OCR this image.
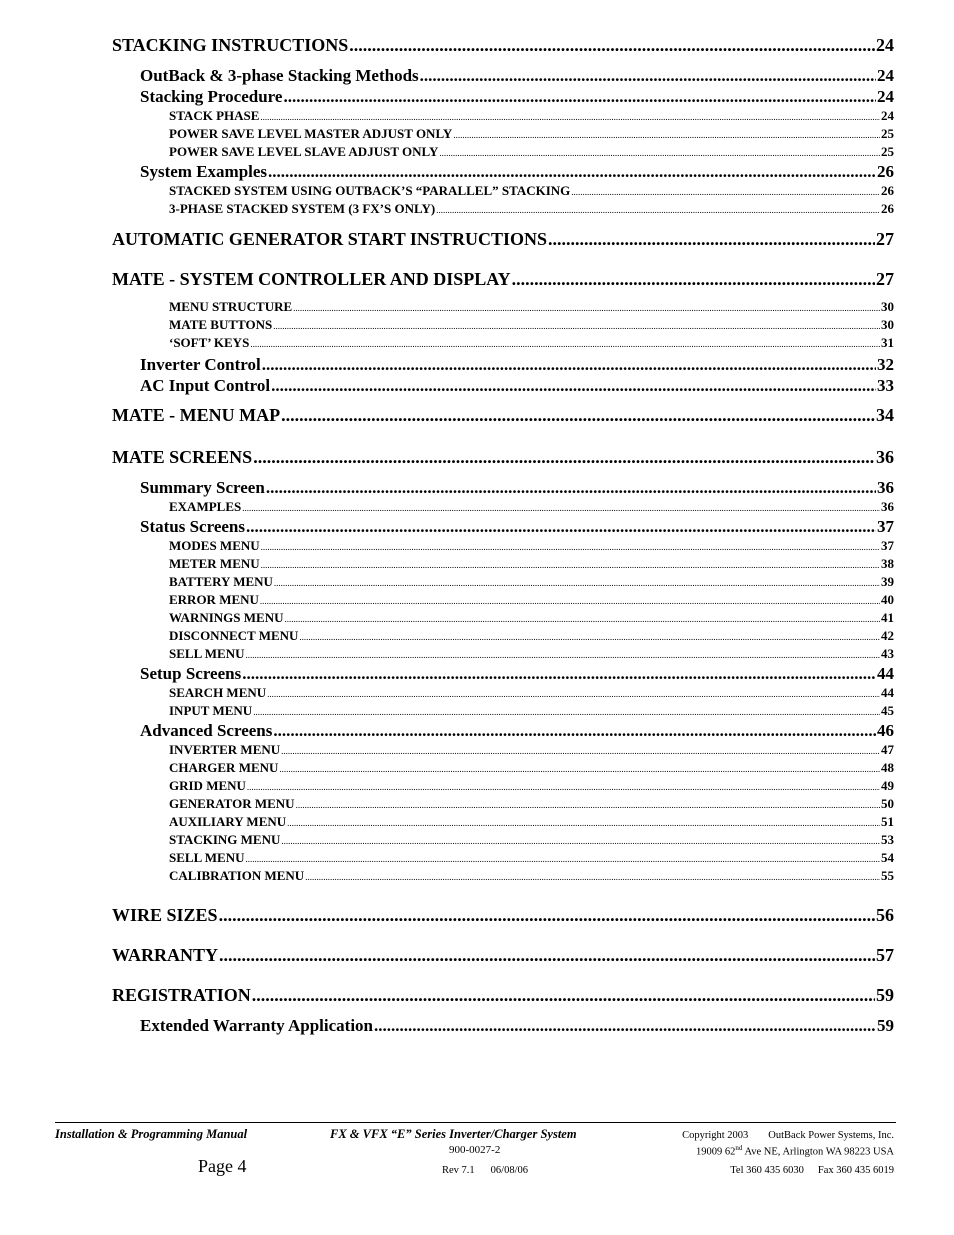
STACKING INSTRUCTIONS .....	24
OutBack & 3-phase Stacking Methods .....	24
Stacking Procedure .....	24
STACK PHASE .....	24
POWER SAVE LEVEL MASTER ADJUST ONLY .....	25
POWER SAVE LEVEL SLAVE ADJUST ONLY .....	25
System Examples .....	26
STACKED SYSTEM USING OUTBACK’S “PARALLEL” STACKING .....	26
3-PHASE STACKED SYSTEM (3 FX’S ONLY) .....	26
AUTOMATIC GENERATOR START INSTRUCTIONS .....	27
MATE - SYSTEM CONTROLLER AND DISPLAY .....	27
MENU STRUCTURE .....	30
MATE BUTTONS .....	30
‘SOFT’ KEYS .....	31
Inverter Control .....	32
AC Input Control .....	33
MATE - MENU MAP .....	34
MATE SCREENS .....	36
Summary Screen .....	36
EXAMPLES .....	36
Status Screens .....	37
MODES MENU .....	37
METER MENU .....	38
BATTERY MENU .....	39
ERROR MENU .....	40
WARNINGS MENU .....	41
DISCONNECT MENU .....	42
SELL MENU .....	43
Setup Screens .....	44
SEARCH MENU .....	44
INPUT MENU .....	45
Advanced Screens .....	46
INVERTER MENU .....	47
CHARGER MENU .....	48
GRID MENU .....	49
GENERATOR MENU .....	50
AUXILIARY MENU .....	51
STACKING MENU .....	53
SELL MENU .....	54
CALIBRATION MENU .....	55
WIRE SIZES .....	56
WARRANTY .....	57
REGISTRATION .....	59
Extended Warranty Application .....	59
Installation & Programming Manual
Page 4
FX & VFX “E” Series Inverter/Charger System
900-0027-2
Rev 7.1 06/08/06
Copyright 2003 OutBack Power Systems, Inc.
19009 62nd Ave NE, Arlington WA 98223 USA
Tel 360 435 6030 Fax 360 435 6019
